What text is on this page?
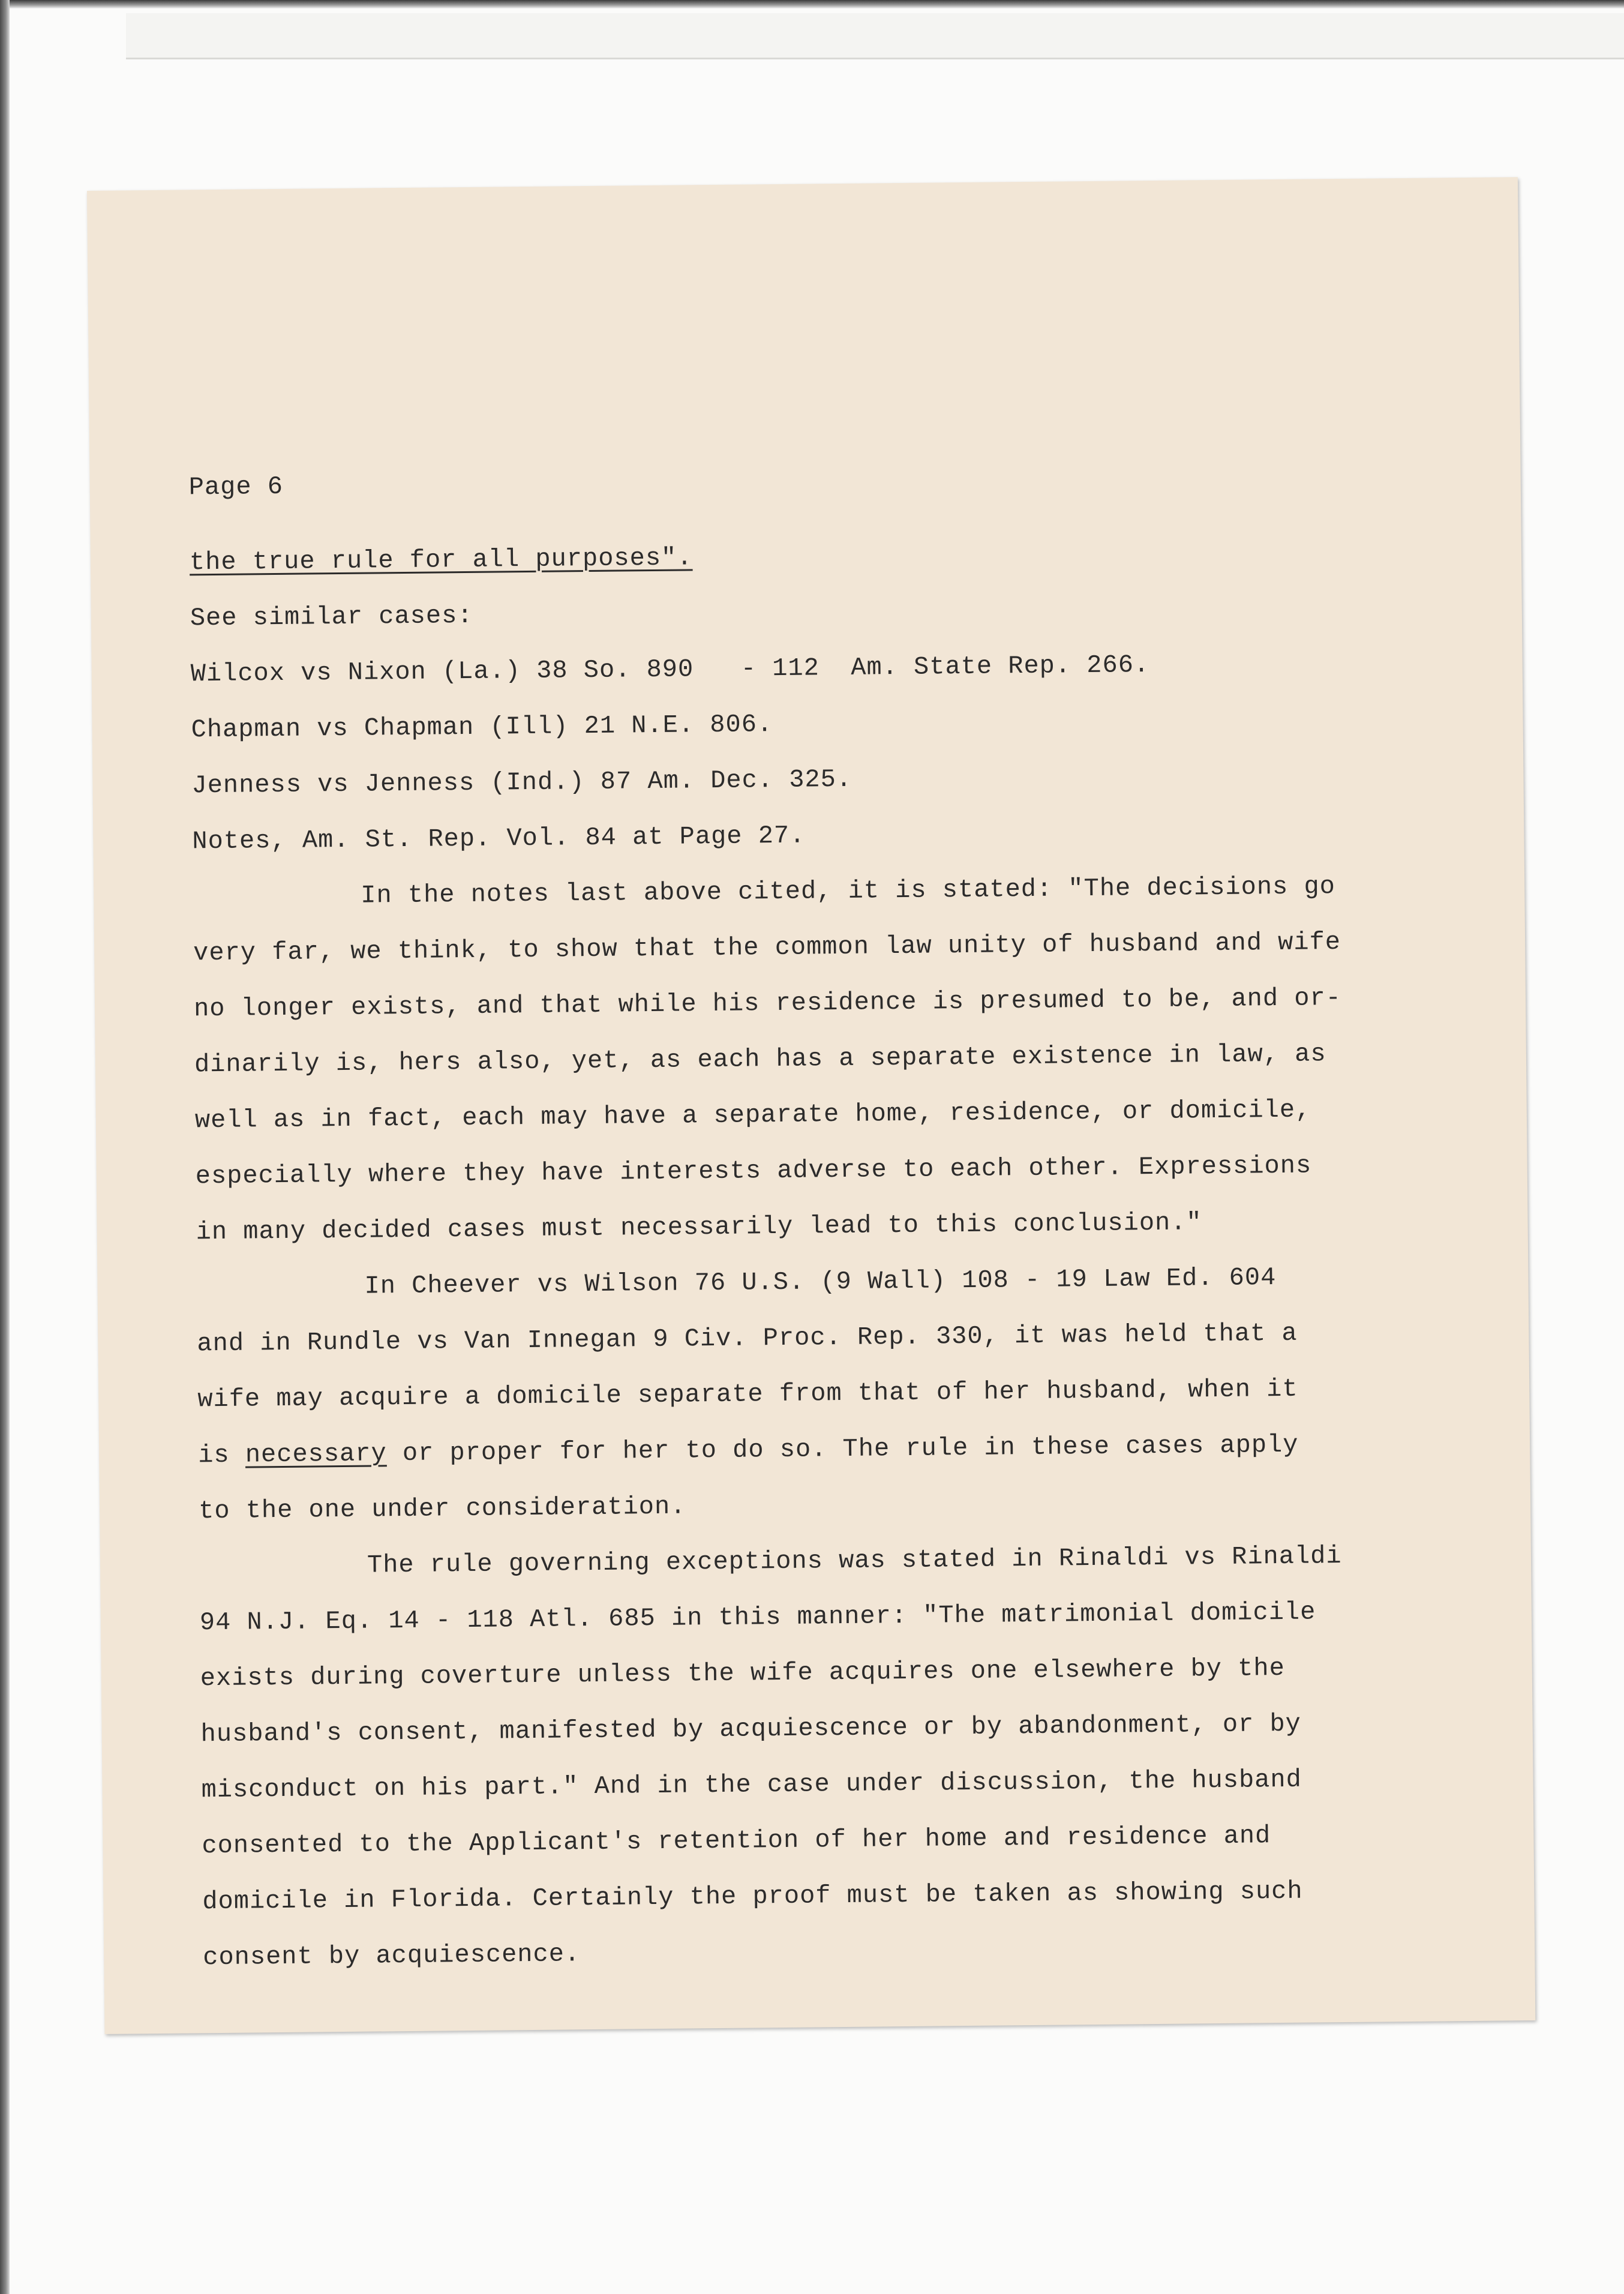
Page 6

the true rule for all purposes".

See similar cases:

Wilcox vs Nixon (La.) 38 So. 890   - 112  Am. State Rep. 266.

Chapman vs Chapman (Ill) 21 N.E. 806.

Jenness vs Jenness (Ind.) 87 Am. Dec. 325.

Notes, Am. St. Rep. Vol. 84 at Page 27.

In the notes last above cited, it is stated: "The decisions go

very far, we think, to show that the common law unity of husband and wife

no longer exists, and that while his residence is presumed to be, and or-

dinarily is, hers also, yet, as each has a separate existence in law, as

well as in fact, each may have a separate home, residence, or domicile,

especially where they have interests adverse to each other. Expressions

in many decided cases must necessarily lead to this conclusion."

In Cheever vs Wilson 76 U.S. (9 Wall) 108 - 19 Law Ed. 604

and in Rundle vs Van Innegan 9 Civ. Proc. Rep. 330, it was held that a

wife may acquire a domicile separate from that of her husband, when it

is necessary or proper for her to do so. The rule in these cases apply

to the one under consideration.

The rule governing exceptions was stated in Rinaldi vs Rinaldi

94 N.J. Eq. 14 - 118 Atl. 685 in this manner: "The matrimonial domicile

exists during coverture unless the wife acquires one elsewhere by the

husband's consent, manifested by acquiescence or by abandonment, or by

misconduct on his part." And in the case under discussion, the husband

consented to the Applicant's retention of her home and residence and

domicile in Florida. Certainly the proof must be taken as showing such

consent by acquiescence.
